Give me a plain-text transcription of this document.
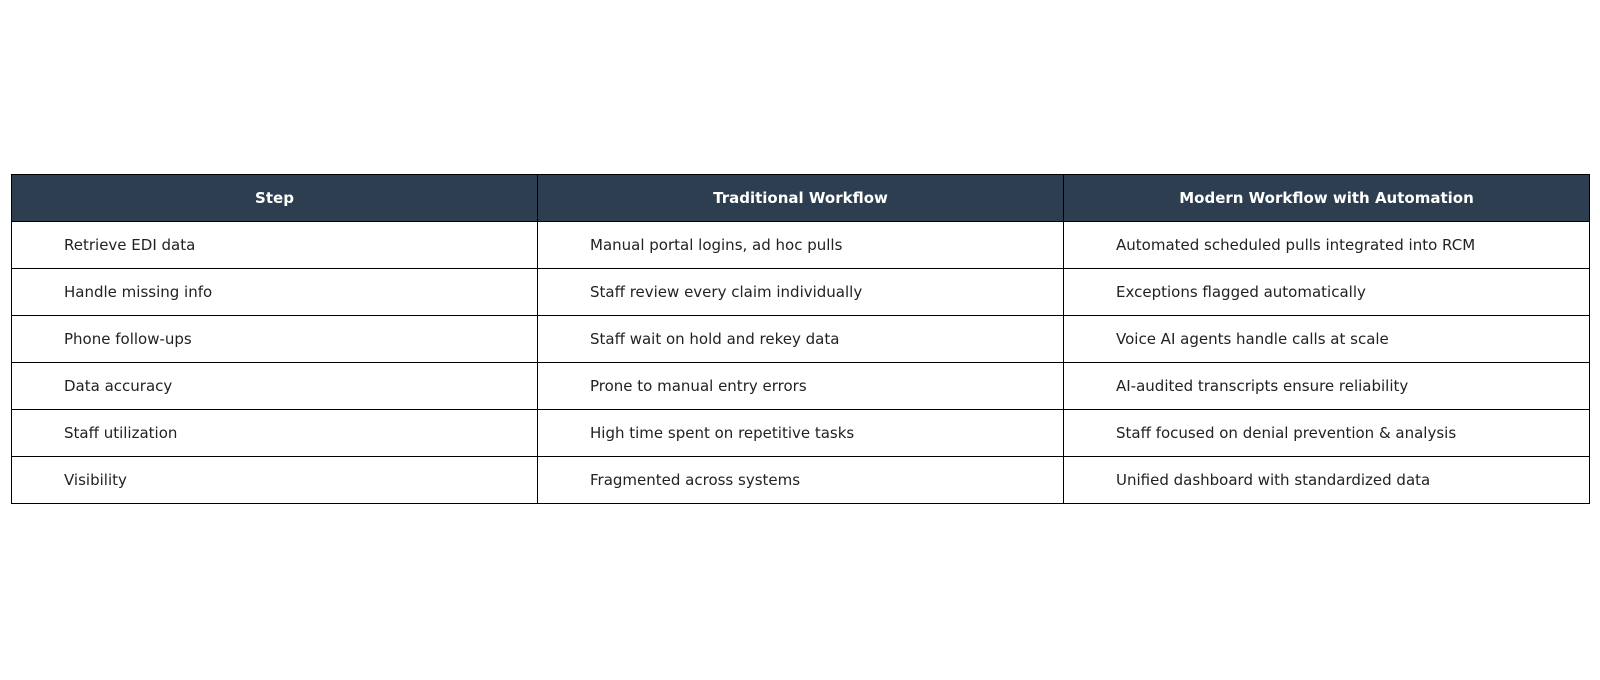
Step	Traditional Workflow	Modern Workflow with Automation
Retrieve EDI data	Manual portal logins, ad hoc pulls	Automated scheduled pulls integrated into RCM
Handle missing info	Staff review every claim individually	Exceptions flagged automatically
Phone follow-ups	Staff wait on hold and rekey data	Voice AI agents handle calls at scale
Data accuracy	Prone to manual entry errors	AI-audited transcripts ensure reliability
Staff utilization	High time spent on repetitive tasks	Staff focused on denial prevention & analysis
Visibility	Fragmented across systems	Unified dashboard with standardized data
